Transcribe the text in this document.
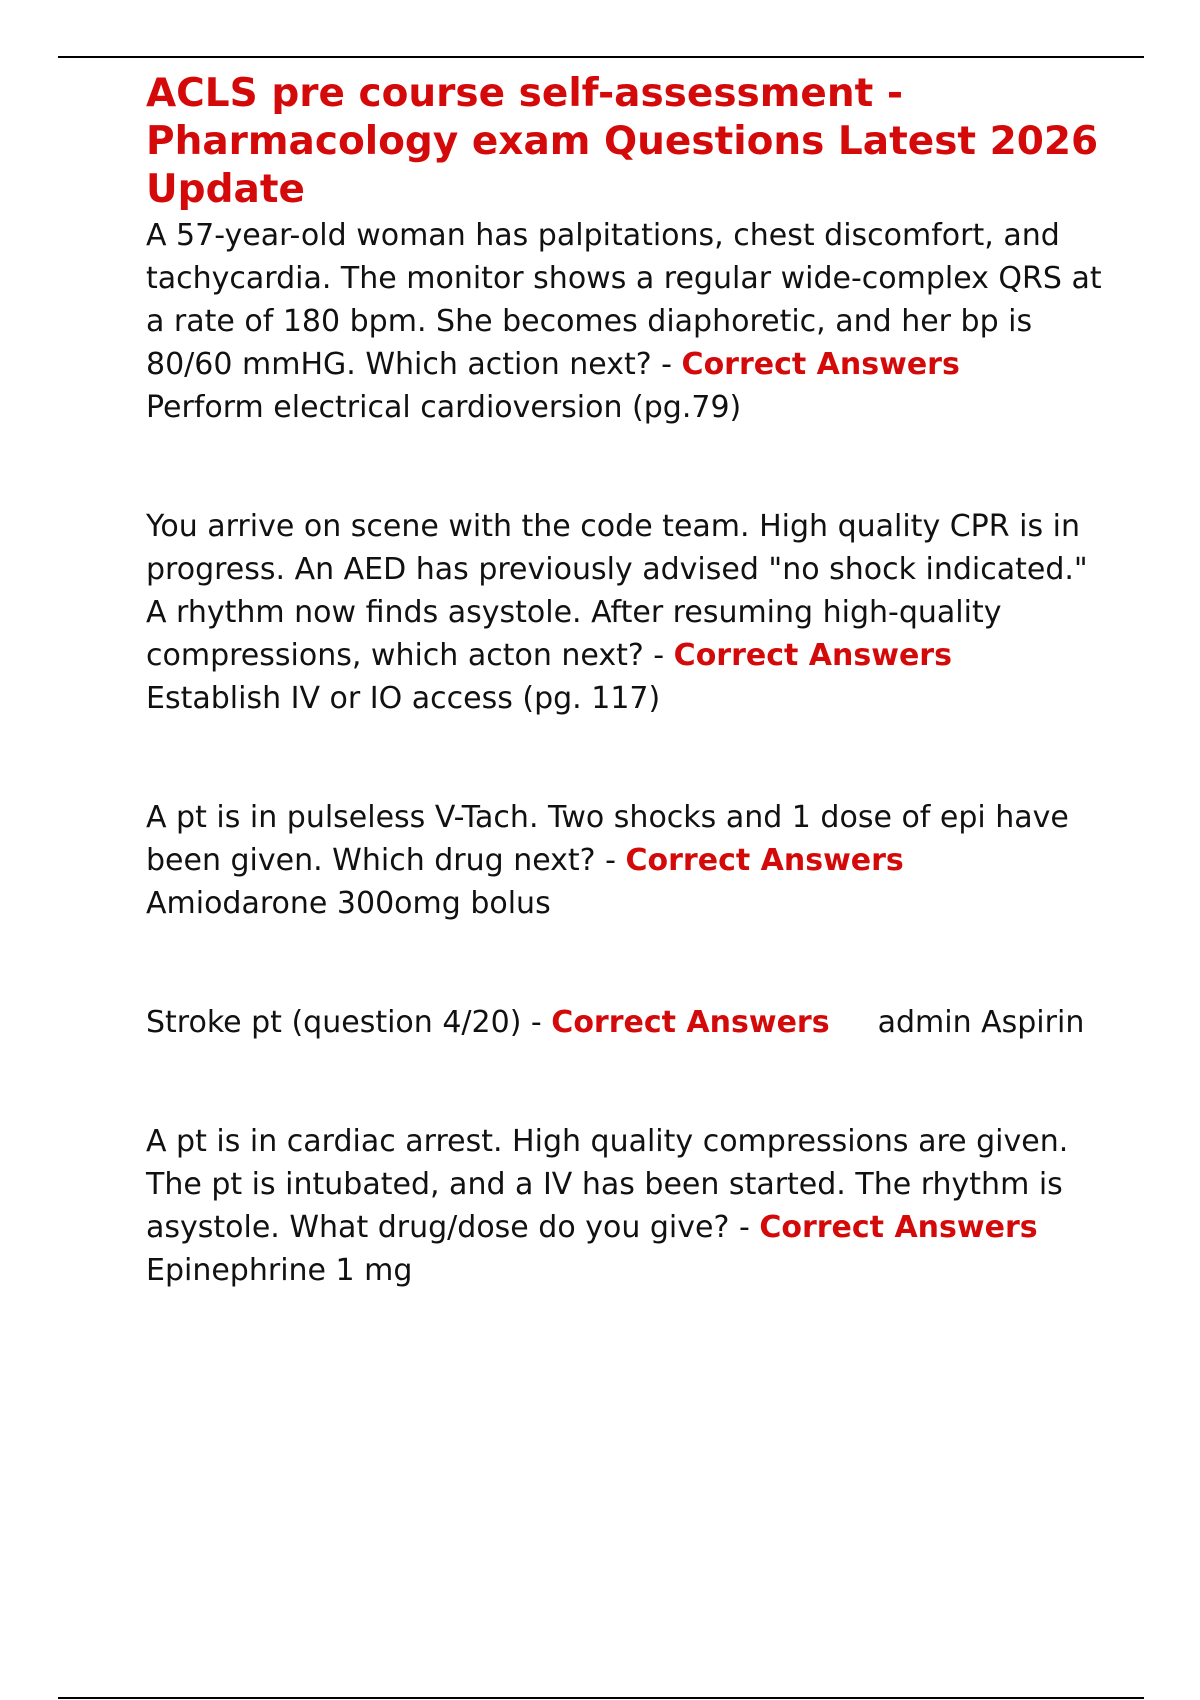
ACLS pre course self-assessment - Pharmacology exam Questions Latest 2026 Update

A 57-year-old woman has palpitations, chest discomfort, and tachycardia. The monitor shows a regular wide-complex QRS at a rate of 180 bpm. She becomes diaphoretic, and her bp is 80/60 mmHG. Which action next? - Correct AnswersPerform electrical cardioversion (pg.79)

You arrive on scene with the code team. High quality CPR is in progress. An AED has previously advised "no shock indicated." A rhythm now finds asystole. After resuming high-quality compressions, which acton next? - Correct AnswersEstablish IV or IO access (pg. 117)

A pt is in pulseless V-Tach. Two shocks and 1 dose of epi have been given. Which drug next? - Correct AnswersAmiodarone 300omg bolus

Stroke pt (question 4/20) - Correct Answers admin Aspirin

A pt is in cardiac arrest. High quality compressions are given. The pt is intubated, and a IV has been started. The rhythm is asystole. What drug/dose do you give? - Correct AnswersEpinephrine 1 mg
